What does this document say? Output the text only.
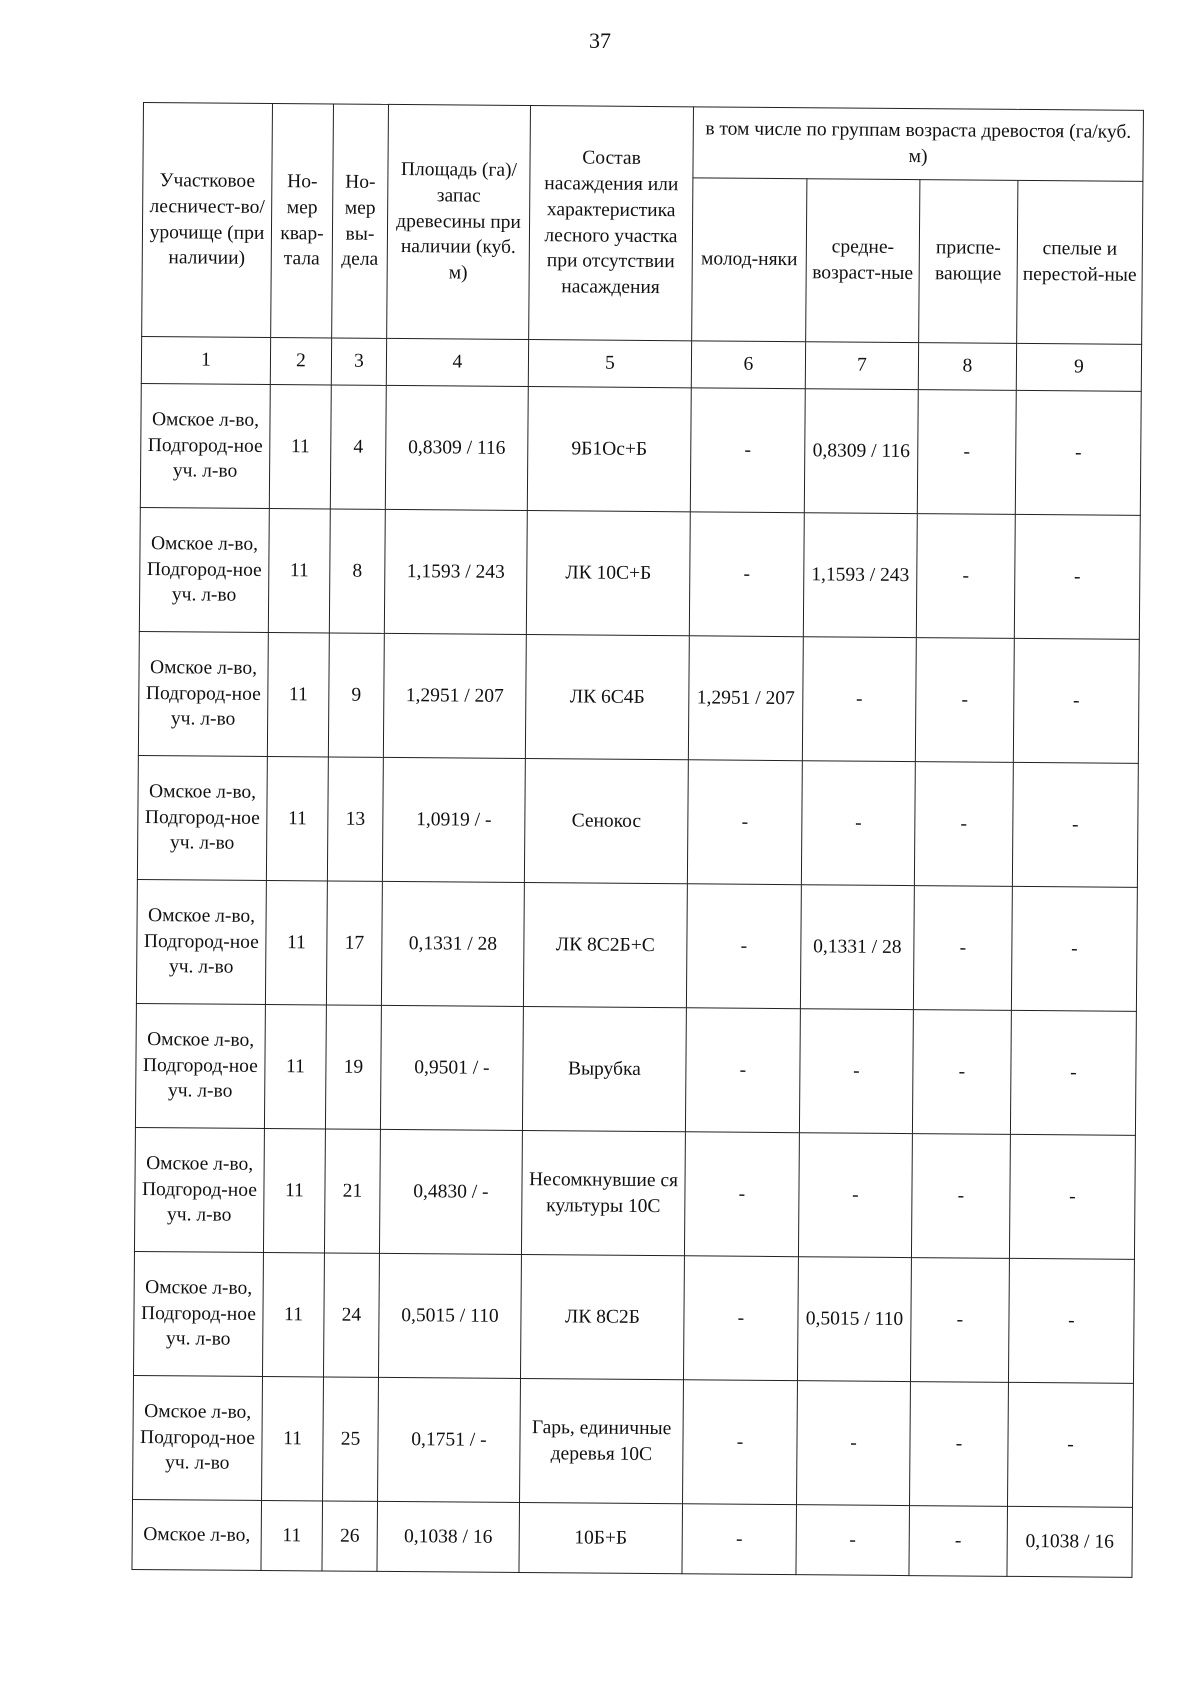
37
Участковое лесничест-во/урочище (при наличии)	Но-мер квар-тала	Но-мер вы-дела	Площадь (га)/запас древесины при наличии (куб. м)	Состав насаждения или характеристика лесного участка при отсутствии насаждения	в том числе по группам возраста древостоя (га/куб. м)			
					молод-няки	средне-возраст-ные	приспе-вающие	спелые и перестой-ные
1	2	3	4	5	6	7	8	9
Омское л-во, Подгород-ное уч. л-во	11	4	0,8309 / 116	9Б1Ос+Б	-	0,8309 / 116	-	-
Омское л-во, Подгород-ное уч. л-во	11	8	1,1593 / 243	ЛК 10С+Б	-	1,1593 / 243	-	-
Омское л-во, Подгород-ное уч. л-во	11	9	1,2951 / 207	ЛК 6С4Б	1,2951 / 207	-	-	-
Омское л-во, Подгород-ное уч. л-во	11	13	1,0919 / -	Сенокос	-	-	-	-
Омское л-во, Подгород-ное уч. л-во	11	17	0,1331 / 28	ЛК 8С2Б+С	-	0,1331 / 28	-	-
Омское л-во, Подгород-ное уч. л-во	11	19	0,9501 / -	Вырубка	-	-	-	-
Омское л-во, Подгород-ное уч. л-во	11	21	0,4830 / -	Несомкнувшие ся культуры 10С	-	-	-	-
Омское л-во, Подгород-ное уч. л-во	11	24	0,5015 / 110	ЛК 8С2Б	-	0,5015 / 110	-	-
Омское л-во, Подгород-ное уч. л-во	11	25	0,1751 / -	Гарь, единичные деревья 10С	-	-	-	-
Омское л-во,	11	26	0,1038 / 16	10Б+Б	-	-	-	0,1038 / 16
